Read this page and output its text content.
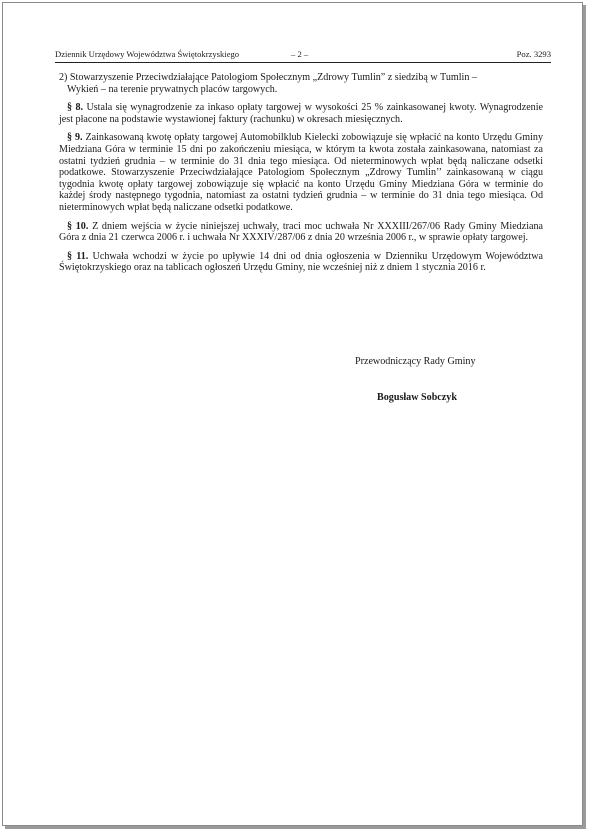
Dziennik Urzędowy Województwa Świętokrzyskiego	– 2 –	Poz. 3293

2) Stowarzyszenie Przeciwdziałające Patologiom Społecznym „Zdrowy Tumlin” z siedzibą w Tumlin –
Wykień – na terenie prywatnych placów targowych.

§ 8. Ustala się wynagrodzenie za inkaso opłaty targowej w wysokości 25 % zainkasowanej kwoty. Wynagrodzenie jest płacone na podstawie wystawionej faktury (rachunku) w okresach miesięcznych.

§ 9. Zainkasowaną kwotę opłaty targowej Automobilklub Kielecki zobowiązuje się wpłacić na konto Urzędu Gminy Miedziana Góra w terminie 15 dni po zakończeniu miesiąca, w którym ta kwota została zainkasowana, natomiast za ostatni tydzień grudnia – w terminie do 31 dnia tego miesiąca. Od nieterminowych wpłat będą naliczane odsetki podatkowe. Stowarzyszenie Przeciwdziałające Patologiom Społecznym „Zdrowy Tumlin’’ zainkasowaną w ciągu tygodnia kwotę opłaty targowej zobowiązuje się wpłacić na konto Urzędu Gminy Miedziana Góra w terminie do każdej środy następnego tygodnia, natomiast za ostatni tydzień grudnia – w terminie do 31 dnia tego miesiąca. Od nieterminowych wpłat będą naliczane odsetki podatkowe.

§ 10. Z dniem wejścia w życie niniejszej uchwały, traci moc uchwała Nr XXXIII/267/06 Rady Gminy Miedziana Góra z dnia 21 czerwca 2006 r. i uchwała Nr XXXIV/287/06 z dnia 20 września 2006 r., w sprawie opłaty targowej.

§ 11. Uchwała wchodzi w życie po upływie 14 dni od dnia ogłoszenia w Dzienniku Urzędowym Województwa Świętokrzyskiego oraz na tablicach ogłoszeń Urzędu Gminy, nie wcześniej niż z dniem 1 stycznia 2016 r.

Przewodniczący Rady Gminy
Bogusław Sobczyk
